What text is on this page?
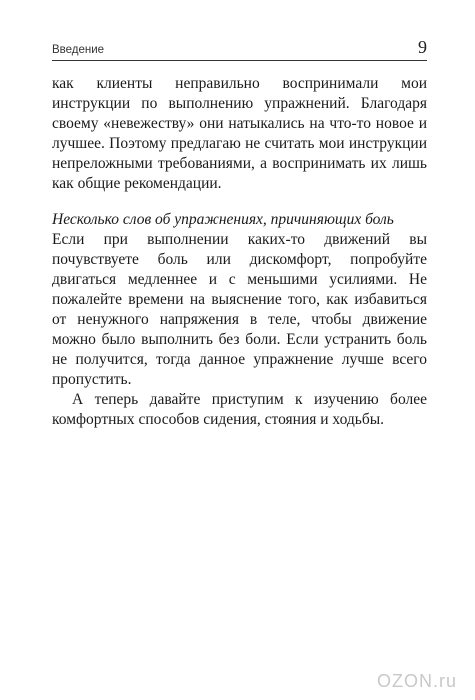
Введение	9

как клиенты неправильно воспринимали мои инструкции по выполнению упражнений. Благодаря своему «невежеству» они натыкались на что-то новое и лучшее. Поэтому предлагаю не считать мои инструкции непреложными требованиями, а воспринимать их лишь как общие рекомендации.

Несколько слов об упражнениях, причиняющих боль

Если при выполнении каких-то движений вы почувствуете боль или дискомфорт, попробуйте двигаться медленнее и с меньшими усилиями. Не пожалейте времени на выяснение того, как избавиться от ненужного напряжения в теле, чтобы движение можно было выполнить без боли. Если устранить боль не получится, тогда данное упражнение лучше всего пропустить.

А теперь давайте приступим к изучению более комфортных способов сидения, стояния и ходьбы.

OZON.ru
